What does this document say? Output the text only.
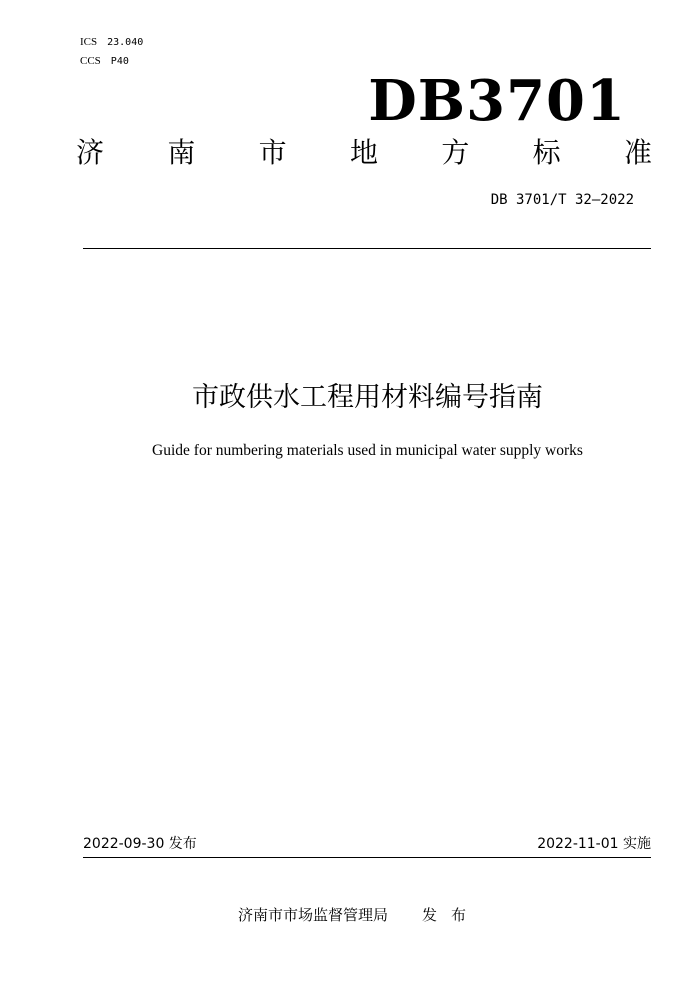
ICS 23.040
CCS P40
DB3701
济 南 市 地 方 标 准
DB 3701/T 32—2022
市政供水工程用材料编号指南
Guide for numbering materials used in municipal water supply works
2022-09-30 发布	2022-11-01 实施
济南市市场监督管理局 发布
